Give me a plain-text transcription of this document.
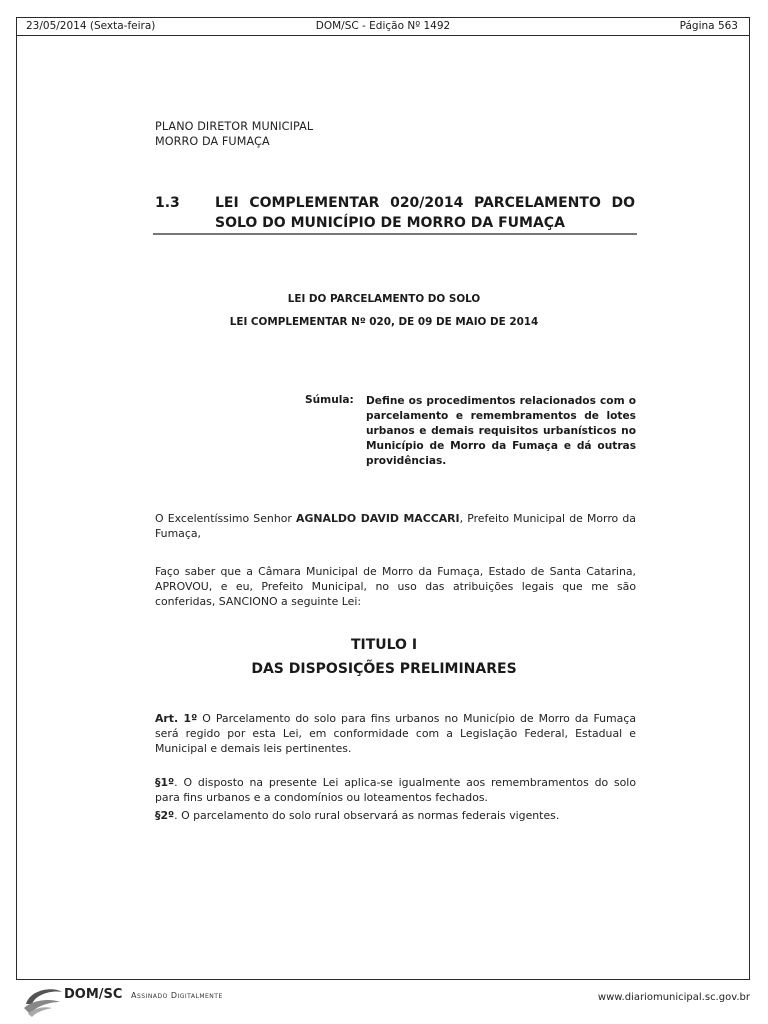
23/05/2014 (Sexta-feira)	DOM/SC - Edição Nº 1492	Página 563
PLANO DIRETOR MUNICIPAL
MORRO DA FUMAÇA
1.3	LEI COMPLEMENTAR 020/2014 PARCELAMENTO DO SOLO DO MUNICÍPIO DE MORRO DA FUMAÇA
LEI DO PARCELAMENTO DO SOLO
LEI COMPLEMENTAR Nº 020, DE 09 DE MAIO DE 2014
Súmula: Define os procedimentos relacionados com o parcelamento e remembramentos de lotes urbanos e demais requisitos urbanísticos no Município de Morro da Fumaça e dá outras providências.
O Excelentíssimo Senhor AGNALDO DAVID MACCARI, Prefeito Municipal de Morro da Fumaça,
Faço saber que a Câmara Municipal de Morro da Fumaça, Estado de Santa Catarina, APROVOU, e eu, Prefeito Municipal, no uso das atribuições legais que me são conferidas, SANCIONO a seguinte Lei:
TITULO I
DAS DISPOSIÇÕES PRELIMINARES
Art. 1º O Parcelamento do solo para fins urbanos no Município de Morro da Fumaça será regido por esta Lei, em conformidade com a Legislação Federal, Estadual e Municipal e demais leis pertinentes.
§1º. O disposto na presente Lei aplica-se igualmente aos remembramentos do solo para fins urbanos e a condomínios ou loteamentos fechados.
§2º. O parcelamento do solo rural observará as normas federais vigentes.
DOM/SC Assinado Digitalmente	www.diariomunicipal.sc.gov.br
